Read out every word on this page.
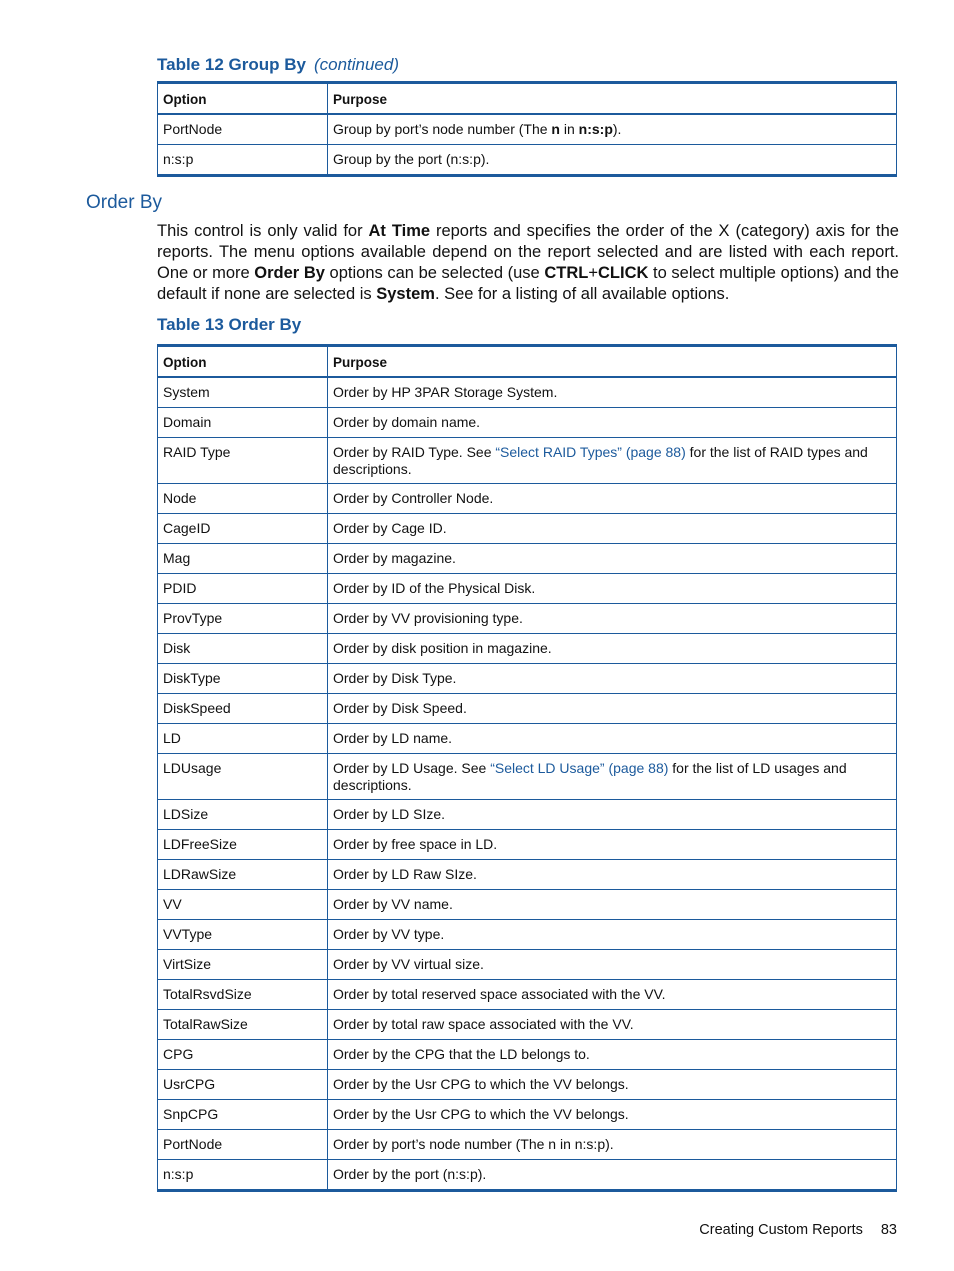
Table 12 Group By (continued)
Option	Purpose
PortNode	Group by port’s node number (The n in n:s:p).
n:s:p	Group by the port (n:s:p).
Order By
This control is only valid for At Time reports and specifies the order of the X (category) axis for the reports. The menu options available depend on the report selected and are listed with each report. One or more Order By options can be selected (use CTRL+CLICK to select multiple options) and the default if none are selected is System. See for a listing of all available options.
Table 13 Order By
Option	Purpose
System	Order by HP 3PAR Storage System.
Domain	Order by domain name.
RAID Type	Order by RAID Type. See “Select RAID Types” (page 88) for the list of RAID types and descriptions.
Node	Order by Controller Node.
CageID	Order by Cage ID.
Mag	Order by magazine.
PDID	Order by ID of the Physical Disk.
ProvType	Order by VV provisioning type.
Disk	Order by disk position in magazine.
DiskType	Order by Disk Type.
DiskSpeed	Order by Disk Speed.
LD	Order by LD name.
LDUsage	Order by LD Usage. See “Select LD Usage” (page 88) for the list of LD usages and descriptions.
LDSize	Order by LD SIze.
LDFreeSize	Order by free space in LD.
LDRawSize	Order by LD Raw SIze.
VV	Order by VV name.
VVType	Order by VV type.
VirtSize	Order by VV virtual size.
TotalRsvdSize	Order by total reserved space associated with the VV.
TotalRawSize	Order by total raw space associated with the VV.
CPG	Order by the CPG that the LD belongs to.
UsrCPG	Order by the Usr CPG to which the VV belongs.
SnpCPG	Order by the Usr CPG to which the VV belongs.
PortNode	Order by port’s node number (The n in n:s:p).
n:s:p	Order by the port (n:s:p).
Creating Custom Reports 83
